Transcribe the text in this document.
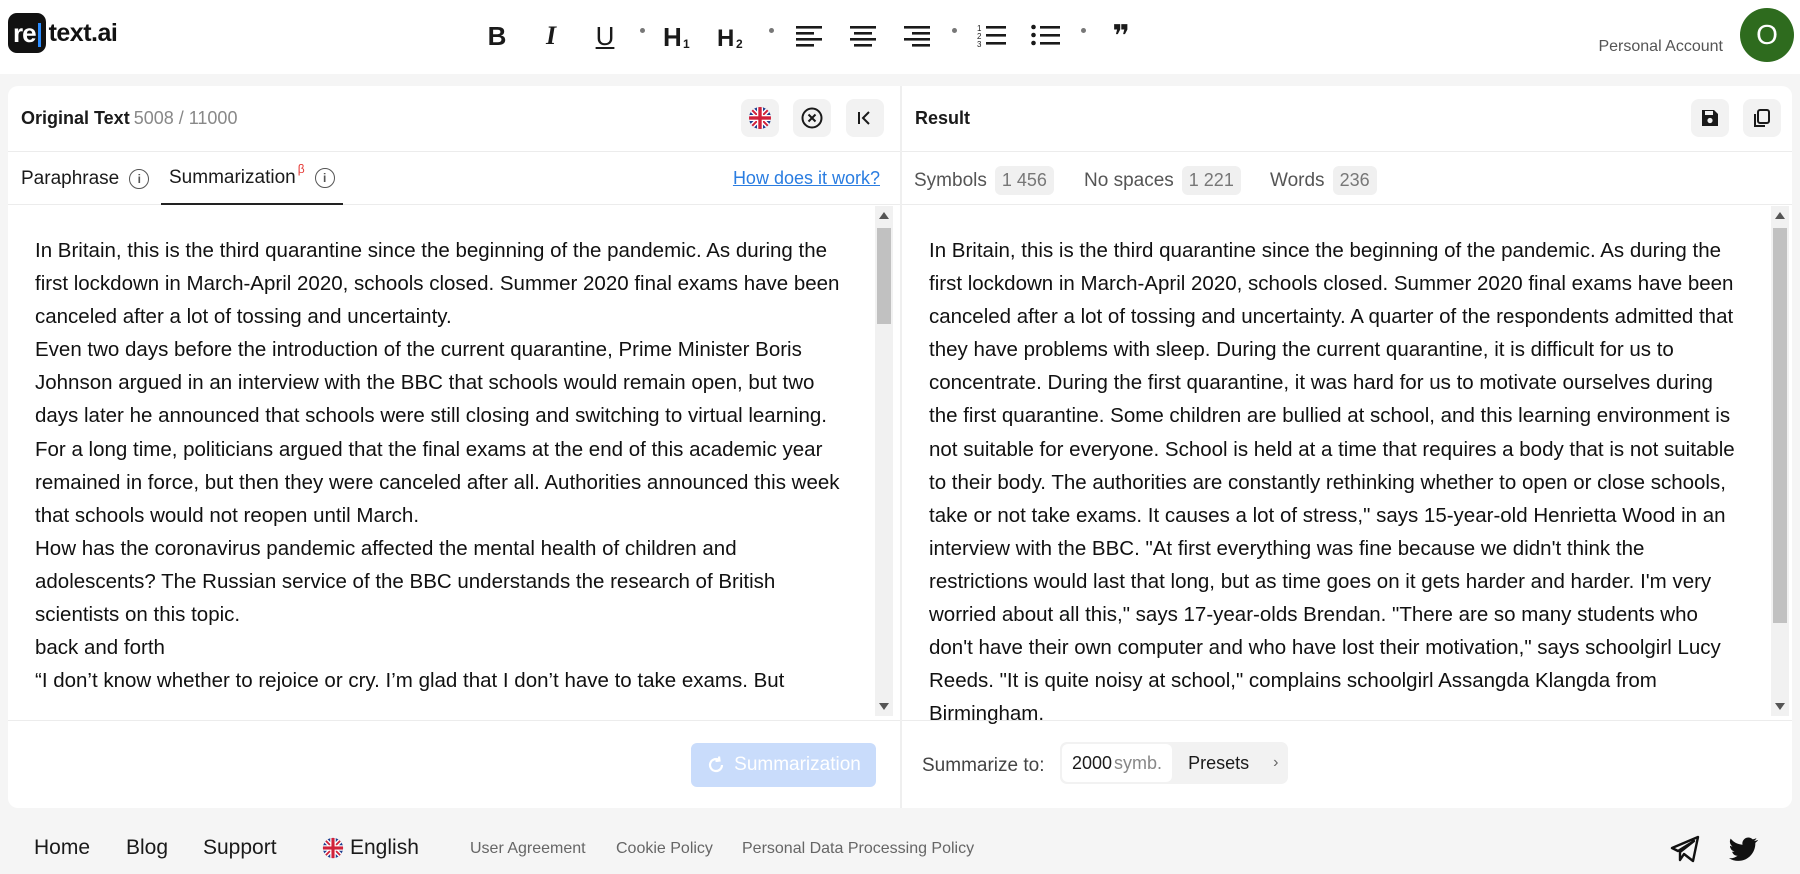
re text.ai	B	I	U	H 1 H 2
1
2
3	❞	Personal Account	O
Original Text 5008 / 11000
Paraphrase	i	Summarization β
i	How does it work?

In Britain, this is the third quarantine since the beginning of the pandemic. As during the first lockdown in March-April 2020, schools closed. Summer 2020 final exams have been canceled after a lot of tossing and uncertainty.

Even two days before the introduction of the current quarantine, Prime Minister Boris Johnson argued in an interview with the BBC that schools would remain open, but two days later he announced that schools were still closing and switching to virtual learning.

For a long time, politicians argued that the final exams at the end of this academic year remained in force, but then they were canceled after all. Authorities announced this week that schools would not reopen until March.

How has the coronavirus pandemic affected the mental health of children and adolescents? The Russian service of the BBC understands the research of British scientists on this topic.

back and forth

“I don’t know whether to rejoice or cry. I’m glad that I don’t have to take exams. But

Summarization
Result
Symbols 1 456	No spaces 1 221	Words 236
In Britain, this is the third quarantine since the beginning of the pandemic. As during the first lockdown in March-April 2020, schools closed. Summer 2020 final exams have been canceled after a lot of tossing and uncertainty. A quarter of the respondents admitted that they have problems with sleep. During the current quarantine, it is difficult for us to concentrate. During the first quarantine, it was hard for us to motivate ourselves during the first quarantine. Some children are bullied at school, and this learning environment is not suitable for everyone. School is held at a time that requires a body that is not suitable to their body. The authorities are constantly rethinking whether to open or close schools, take or not take exams. It causes a lot of stress," says 15-year-old Henrietta Wood in an interview with the BBC. "At first everything was fine because we didn't think the restrictions would last that long, but as time goes on it gets harder and harder. I'm very worried about all this," says 17-year-olds Brendan. "There are so many students who don't have their own computer and who have lost their motivation," says schoolgirl Lucy Reeds. "It is quite noisy at school," complains schoolgirl Assangda Klangda from Birmingham.
Summarize to: 2000 symb. Presets ›
Home Blog Support	English	User Agreement Cookie Policy Personal Data Processing Policy
